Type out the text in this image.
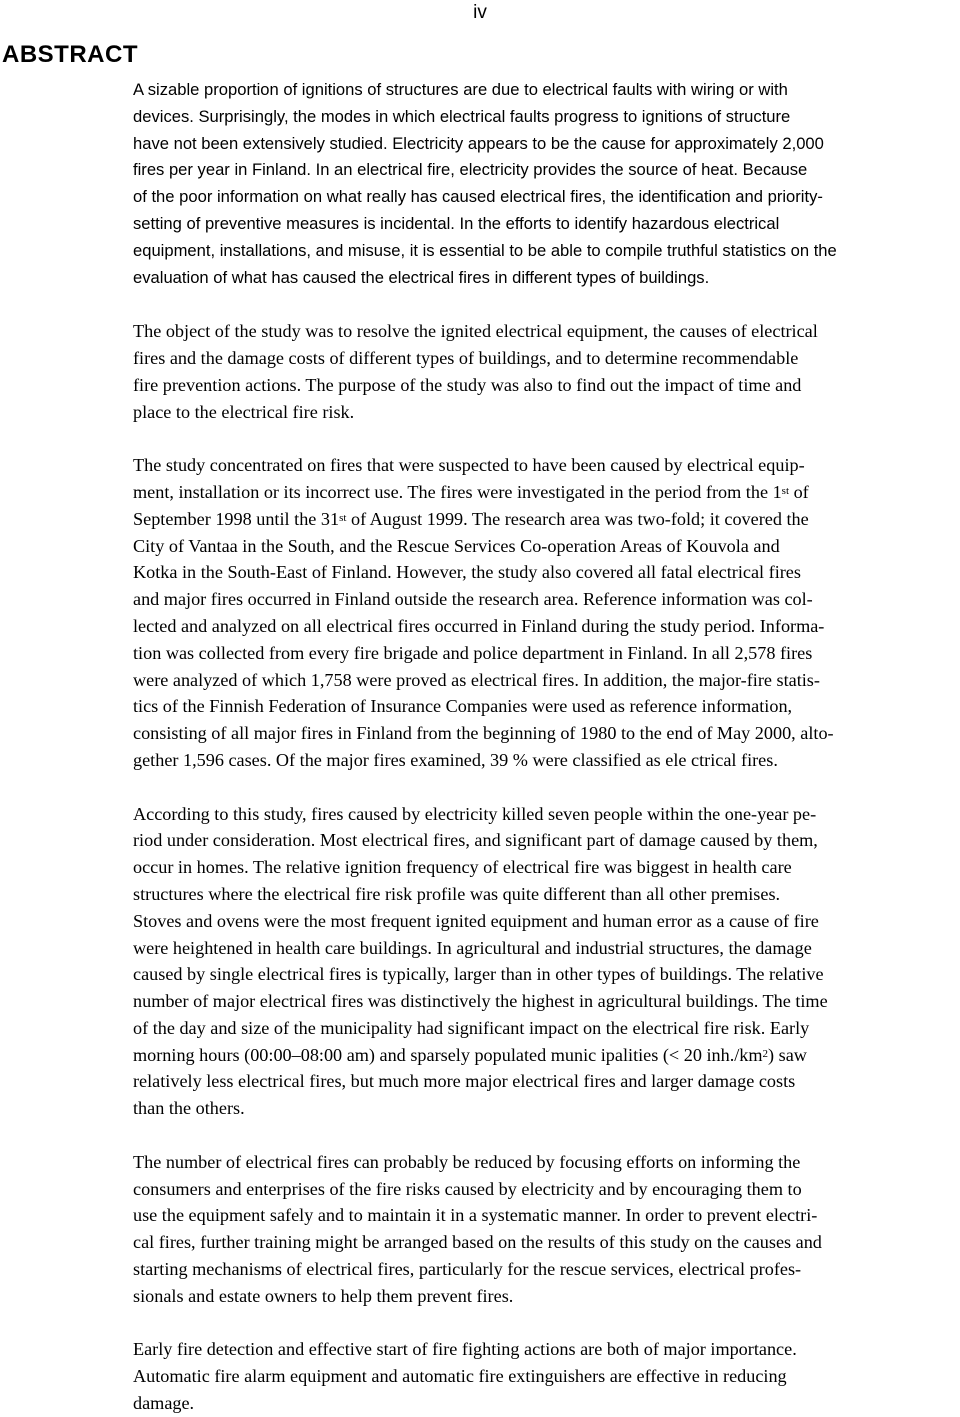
iv
ABSTRACT

A sizable proportion of ignitions of structures are due to electrical faults with wiring or with
devices. Surprisingly, the modes in which electrical faults progress to ignitions of structure
have not been extensively studied. Electricity appears to be the cause for approximately 2,000
fires per year in Finland. In an electrical fire, electricity provides the source of heat. Because
of the poor information on what really has caused electrical fires, the identification and priority-
setting of preventive measures is incidental. In the efforts to identify hazardous electrical
equipment, installations, and misuse, it is essential to be able to compile truthful statistics on the
evaluation of what has caused the electrical fires in different types of buildings.

The object of the study was to resolve the ignited electrical equipment, the causes of electrical
fires and the damage costs of different types of buildings, and to determine recommendable
fire prevention actions. The purpose of the study was also to find out the impact of time and
place to the electrical fire risk.

The study concentrated on fires that were suspected to have been caused by electrical equip-
ment, installation or its incorrect use. The fires were investigated in the period from the 1st of
September 1998 until the 31st of August 1999. The research area was two-fold; it covered the
City of Vantaa in the South, and the Rescue Services Co-operation Areas of Kouvola and
Kotka in the South-East of Finland. However, the study also covered all fatal electrical fires
and major fires occurred in Finland outside the research area. Reference information was col-
lected and analyzed on all electrical fires occurred in Finland during the study period. Informa-
tion was collected from every fire brigade and police department in Finland. In all 2,578 fires
were analyzed of which 1,758 were proved as electrical fires. In addition, the major-fire statis-
tics of the Finnish Federation of Insurance Companies were used as reference information,
consisting of all major fires in Finland from the beginning of 1980 to the end of May 2000, alto-
gether 1,596 cases. Of the major fires examined, 39 % were classified as ele ctrical fires.

According to this study, fires caused by electricity killed seven people within the one-year pe-
riod under consideration. Most electrical fires, and significant part of damage caused by them,
occur in homes. The relative ignition frequency of electrical fire was biggest in health care
structures where the electrical fire risk profile was quite different than all other premises.
Stoves and ovens were the most frequent ignited equipment and human error as a cause of fire
were heightened in health care buildings. In agricultural and industrial structures, the damage
caused by single electrical fires is typically, larger than in other types of buildings. The relative
number of major electrical fires was distinctively the highest in agricultural buildings. The time
of the day and size of the municipality had significant impact on the electrical fire risk. Early
morning hours (00:00–08:00 am) and sparsely populated munic ipalities (< 20 $inh./km^2$) saw
relatively less electrical fires, but much more major electrical fires and larger damage costs
than the others.

The number of electrical fires can probably be reduced by focusing efforts on informing the
consumers and enterprises of the fire risks caused by electricity and by encouraging them to
use the equipment safely and to maintain it in a systematic manner. In order to prevent electri-
cal fires, further training might be arranged based on the results of this study on the causes and
starting mechanisms of electrical fires, particularly for the rescue services, electrical profes-
sionals and estate owners to help them prevent fires.

Early fire detection and effective start of fire fighting actions are both of major importance.
Automatic fire alarm equipment and automatic fire extinguishers are effective in reducing
damage.
